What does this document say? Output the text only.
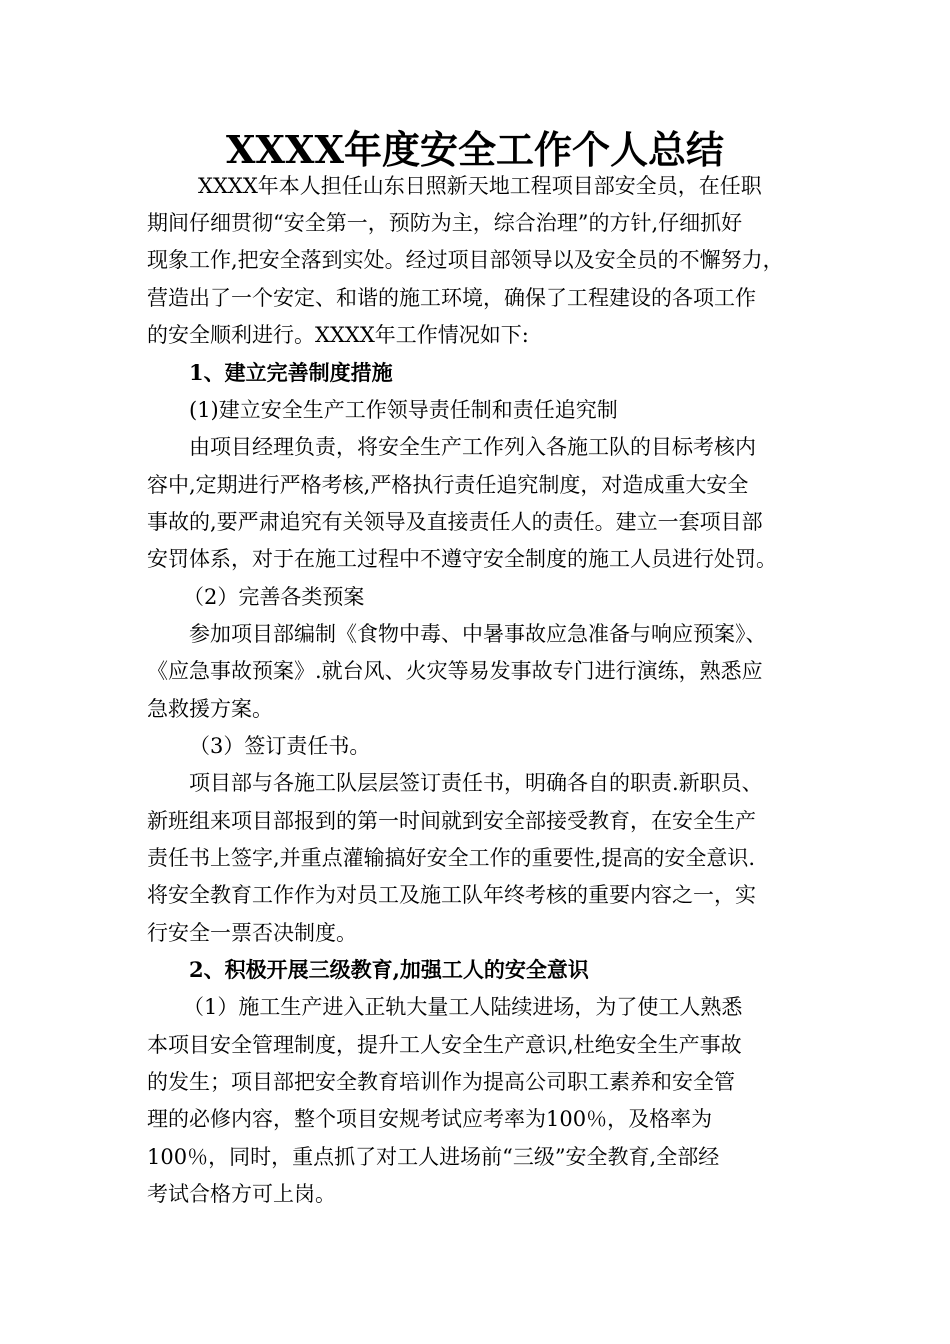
XXXX年度安全工作个人总结
XXXX年本人担任山东日照新天地工程项目部安全员，在任职
期间仔细贯彻“安全第一，预防为主，综合治理”的方针,仔细抓好
现象工作,把安全落到实处。经过项目部领导以及安全员的不懈努力，
营造出了一个安定、和谐的施工环境，确保了工程建设的各项工作
的安全顺利进行。XXXX年工作情况如下:
1、建立完善制度措施
(1)建立安全生产工作领导责任制和责任追究制
由项目经理负责，将安全生产工作列入各施工队的目标考核内
容中,定期进行严格考核,严格执行责任追究制度，对造成重大安全
事故的,要严肃追究有关领导及直接责任人的责任。建立一套项目部
安罚体系，对于在施工过程中不遵守安全制度的施工人员进行处罚。
（2）完善各类预案
参加项目部编制《食物中毒、中暑事故应急准备与响应预案》、
《应急事故预案》.就台风、火灾等易发事故专门进行演练，熟悉应
急救援方案。
（3）签订责任书。
项目部与各施工队层层签订责任书，明确各自的职责.新职员、
新班组来项目部报到的第一时间就到安全部接受教育，在安全生产
责任书上签字,并重点灌输搞好安全工作的重要性,提高的安全意识.
将安全教育工作作为对员工及施工队年终考核的重要内容之一，实
行安全一票否决制度。
2、积极开展三级教育,加强工人的安全意识
（1）施工生产进入正轨大量工人陆续进场，为了使工人熟悉
本项目安全管理制度，提升工人安全生产意识,杜绝安全生产事故
的发生；项目部把安全教育培训作为提高公司职工素养和安全管
理的必修内容，整个项目安规考试应考率为100％，及格率为
100％，同时，重点抓了对工人进场前“三级”安全教育,全部经
考试合格方可上岗。
